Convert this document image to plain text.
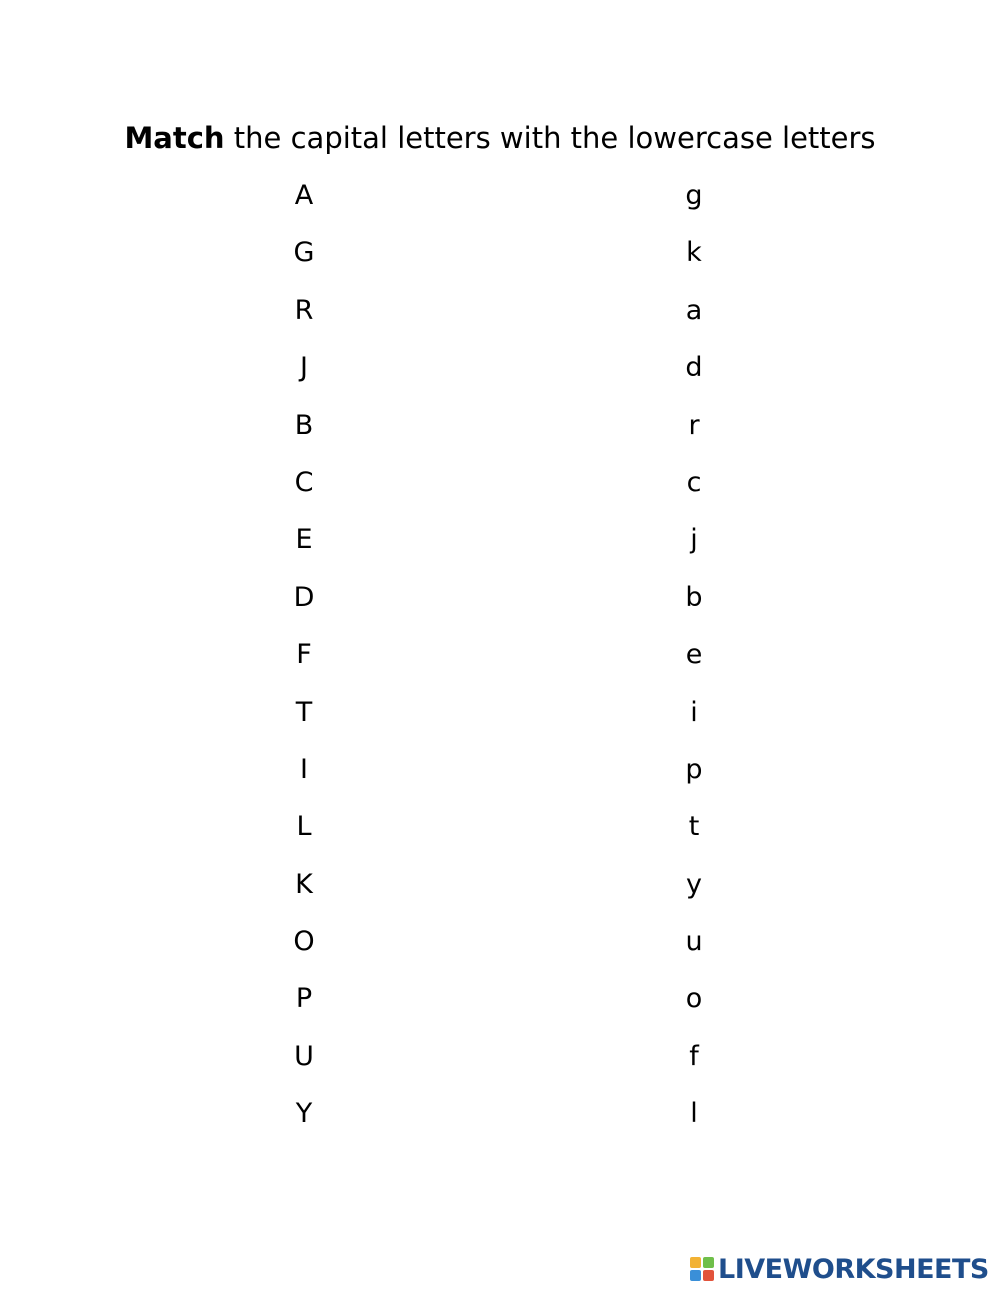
Match the capital letters with the lowercase letters
A
G
R
J
B
C
E
D
F
T
I
L
K
O
P
U
Y
g
k
a
d
r
c
j
b
e
i
p
t
y
u
o
f
l
LIVEWORKSHEETS
